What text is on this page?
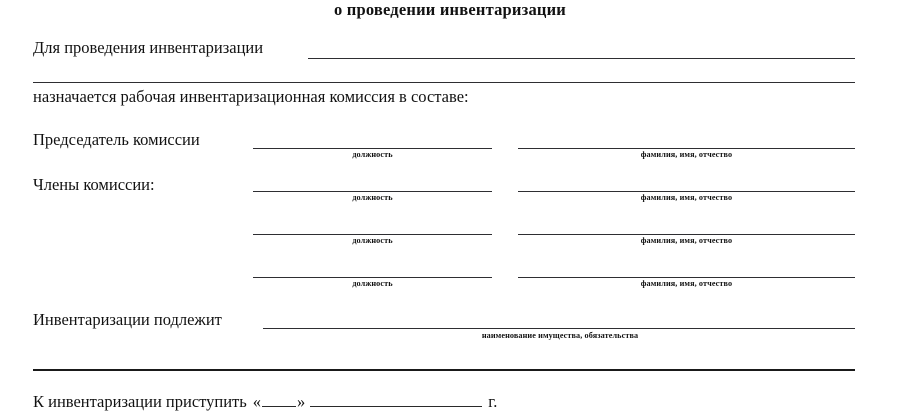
о проведении инвентаризации
Для проведения инвентаризации
назначается рабочая инвентаризационная комиссия в составе:
Председатель комиссии
должность	фамилия, имя, отчество
Члены комиссии:
должность	фамилия, имя, отчество
должность	фамилия, имя, отчество
должность	фамилия, имя, отчество
Инвентаризации подлежит
наименование имущества, обязательства
К инвентаризации приступить « »	г.
